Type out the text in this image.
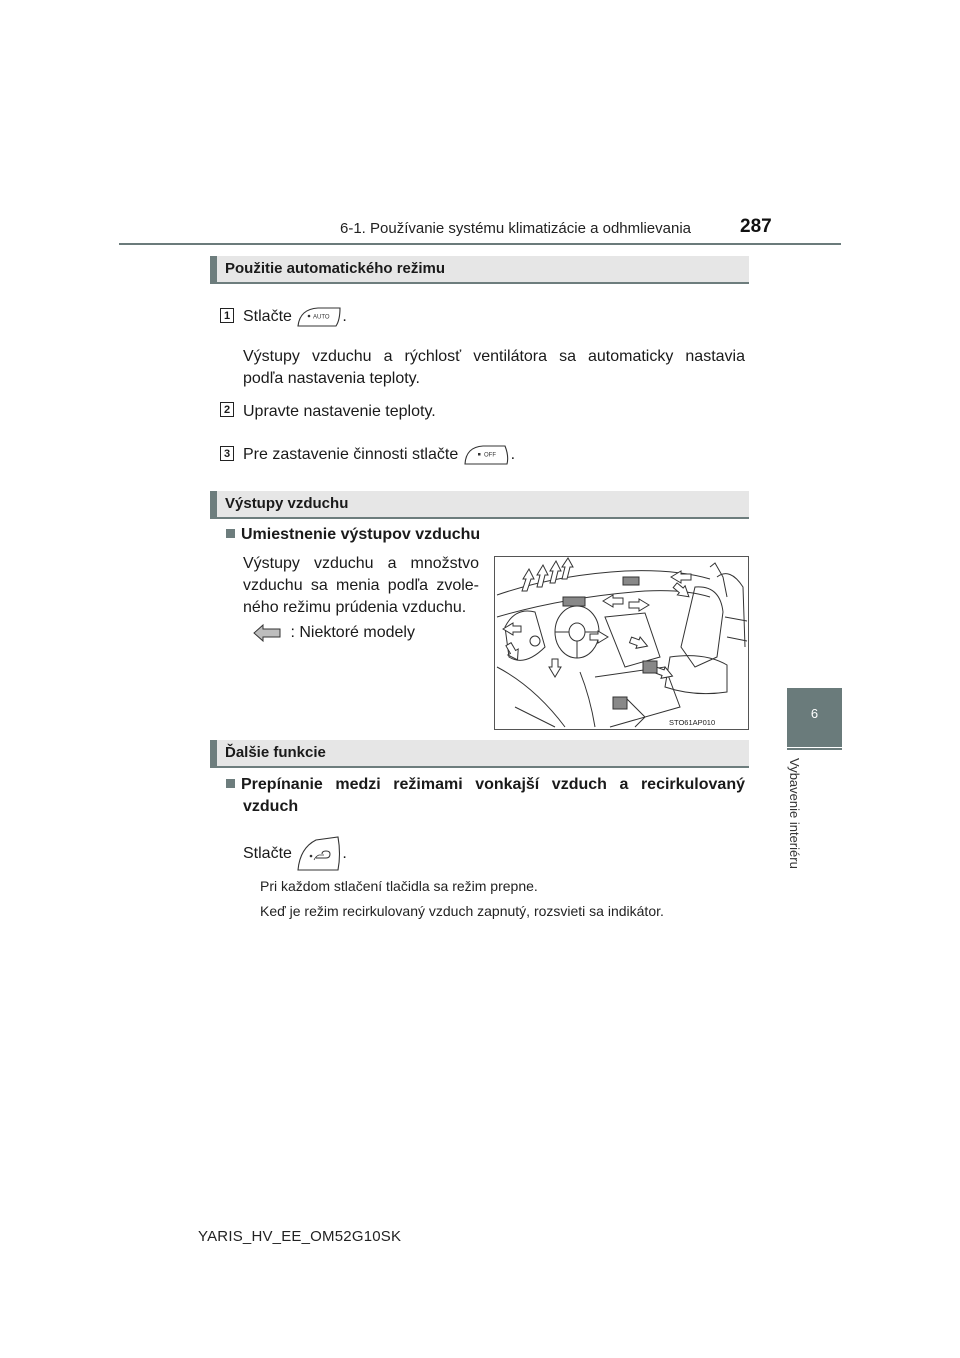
6-1. Používanie systému klimatizácie a odhmlievania	287
6
Vybavenie interiéru
Použitie automatického režimu
1 Stlačte	AUTO .
Výstupy vzduchu a rýchlosť ventilátora sa automaticky nastavia
podľa nastavenia teploty.
2 Upravte nastavenie teploty.
3 Pre zastavenie činnosti stlačte	OFF .
Výstupy vzduchu
Umiestnenie výstupov vzduchu
Výstupy vzduchu a množstvo
vzduchu sa menia podľa zvole-
ného režimu prúdenia vzduchu.
: Niektoré modely
STO61AP010
Ďalšie funkcie
Prepínanie medzi režimami vonkajší vzduch a recirkulovaný
vzduch
Stlačte	.
Pri každom stlačení tlačidla sa režim prepne.
Keď je režim recirkulovaný vzduch zapnutý, rozsvieti sa indikátor.
YARIS_HV_EE_OM52G10SK
